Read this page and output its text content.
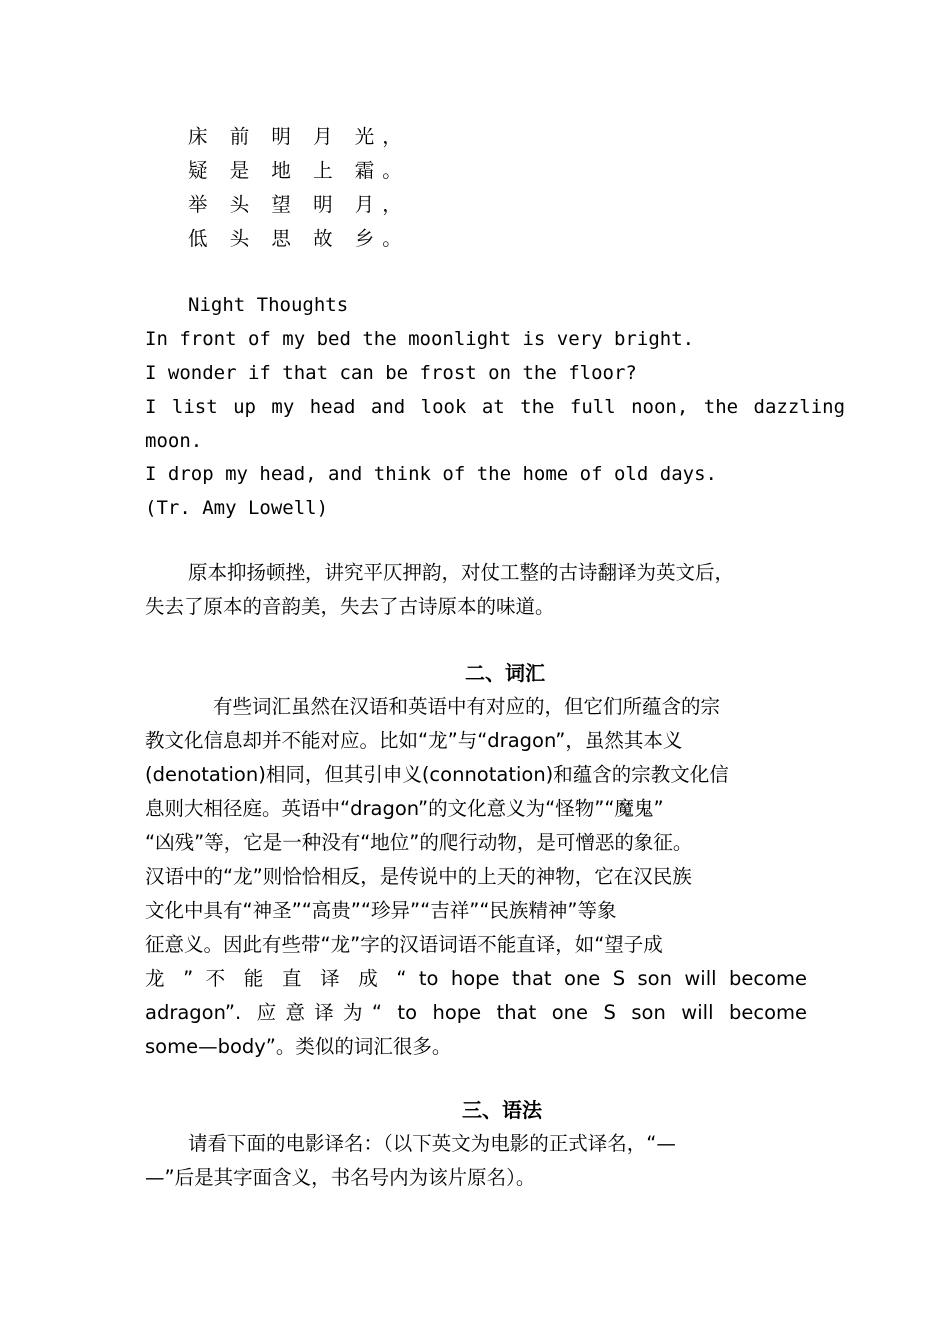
床 前 明 月 光，
疑 是 地 上 霜。
举 头 望 明 月，
低 头 思 故 乡。
Night Thoughts
In front of my bed the moonlight is very bright.
I wonder if that can be frost on the floor?
I list up my head and look at the full noon, the dazzling
moon.
I drop my head, and think of the home of old days.
(Tr. Amy Lowell)
原本抑扬顿挫，讲究平仄押韵，对仗工整的古诗翻译为英文后，
失去了原本的音韵美，失去了古诗原本的味道。
二、词汇
有些词汇虽然在汉语和英语中有对应的，但它们所蕴含的宗
教文化信息却并不能对应。比如“龙”与“dragon”，虽然其本义
(denotation)相同，但其引申义(connotation)和蕴含的宗教文化信
息则大相径庭。英语中“dragon”的文化意义为“怪物”“魔鬼”
“凶残”等，它是一种没有“地位”的爬行动物，是可憎恶的象征。
汉语中的“龙”则恰恰相反，是传说中的上天的神物，它在汉民族
文化中具有“神圣”“高贵”“珍异”“吉祥”“民族精神”等象
征意义。因此有些带“龙”字的汉语词语不能直译，如“望子成
龙 ” 不 能 直 译 成 “ to hope that one S son will become
adragon”. 应意译为“ to hope that one S son will become
some—body”。类似的词汇很多。
三、语法
请看下面的电影译名：（以下英文为电影的正式译名，“—
—”后是其字面含义，书名号内为该片原名）。
